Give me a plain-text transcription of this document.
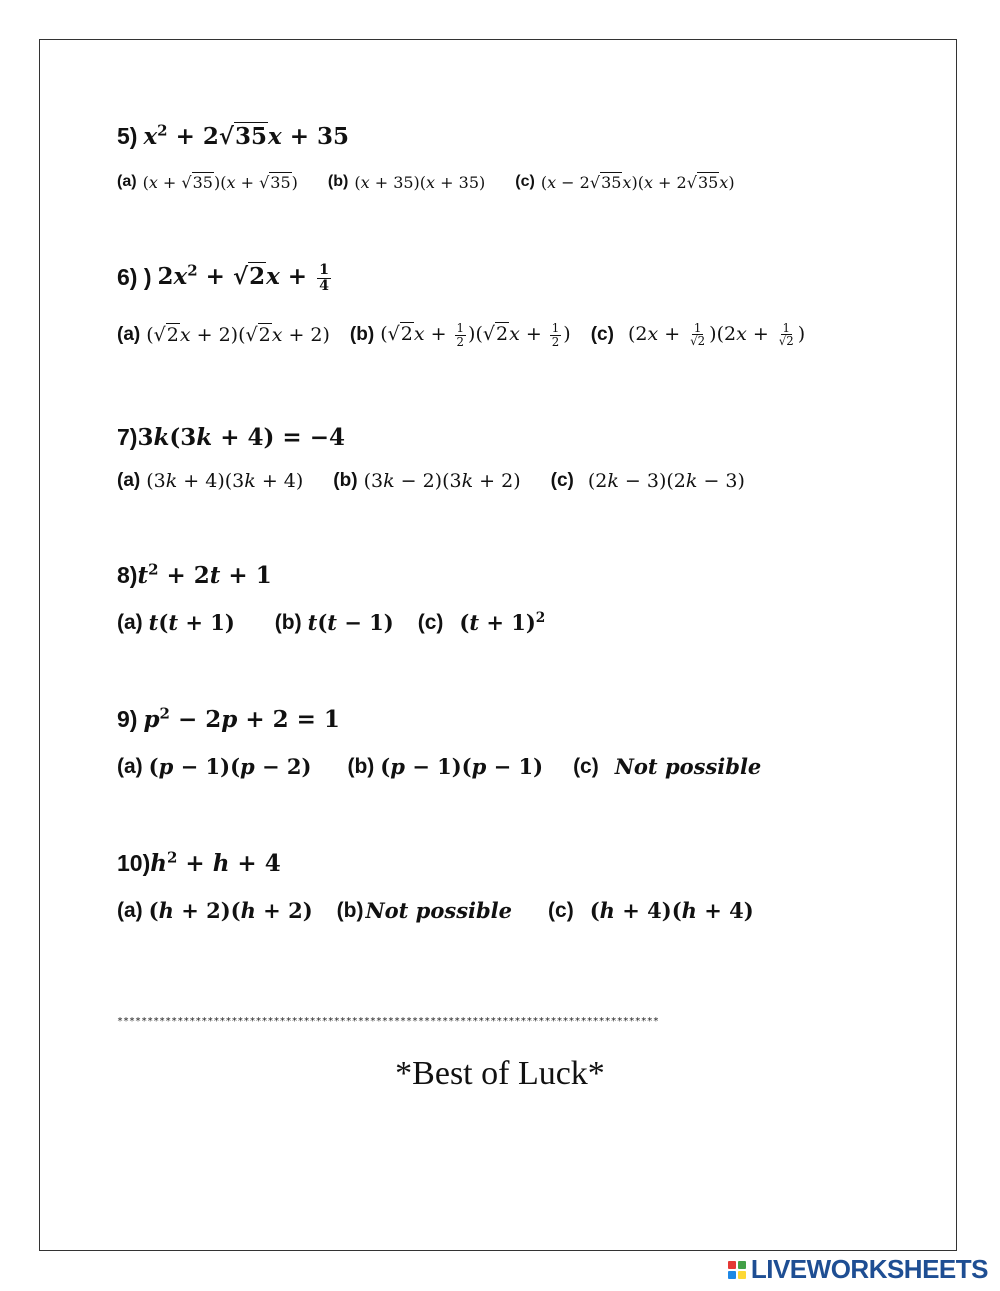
5) $x^2 + 2√$ 35 x + 35
(a) (x + √ 35 )(x + √ 35 ) (b) (x + 35)(x + 35) (c) (x − 2√ 35 x)(x + 2√ 35 x)
6) ) $2x^2$ + √ 2 $x + \frac{1}{4}$
(a) (√ 2 x + 2)(√ 2 x + 2) (b) (√ 2 $x + \frac{1}{2}$ )(√ 2 $x + \frac{1}{2}$ ) (c) $(2x + \frac{1}{√2} )(2x + \frac{1}{√2}$ )
7) 3k(3k + 4) = −4
(a) (3k + 4)(3k + 4) (b) (3k − 2)(3k + 2) (c) (2k − 3)(2k − 3)
8) $t^2 + 2t + 1$
(a) t(t + 1) (b) t(t − 1) (c) $(t + 1)^2$
9) $p^2 - 2p + 2 = 1$
(a) (p − 1)(p − 2) (b) (p − 1)(p − 1) (c) Not possible
10) $h^2 + h + 4$
(a) (h + 2)(h + 2) (b) Not possible (c) (h + 4)(h + 4)
******************************************************************************************
*Best of Luck*
LIVEWORKSHEETS
